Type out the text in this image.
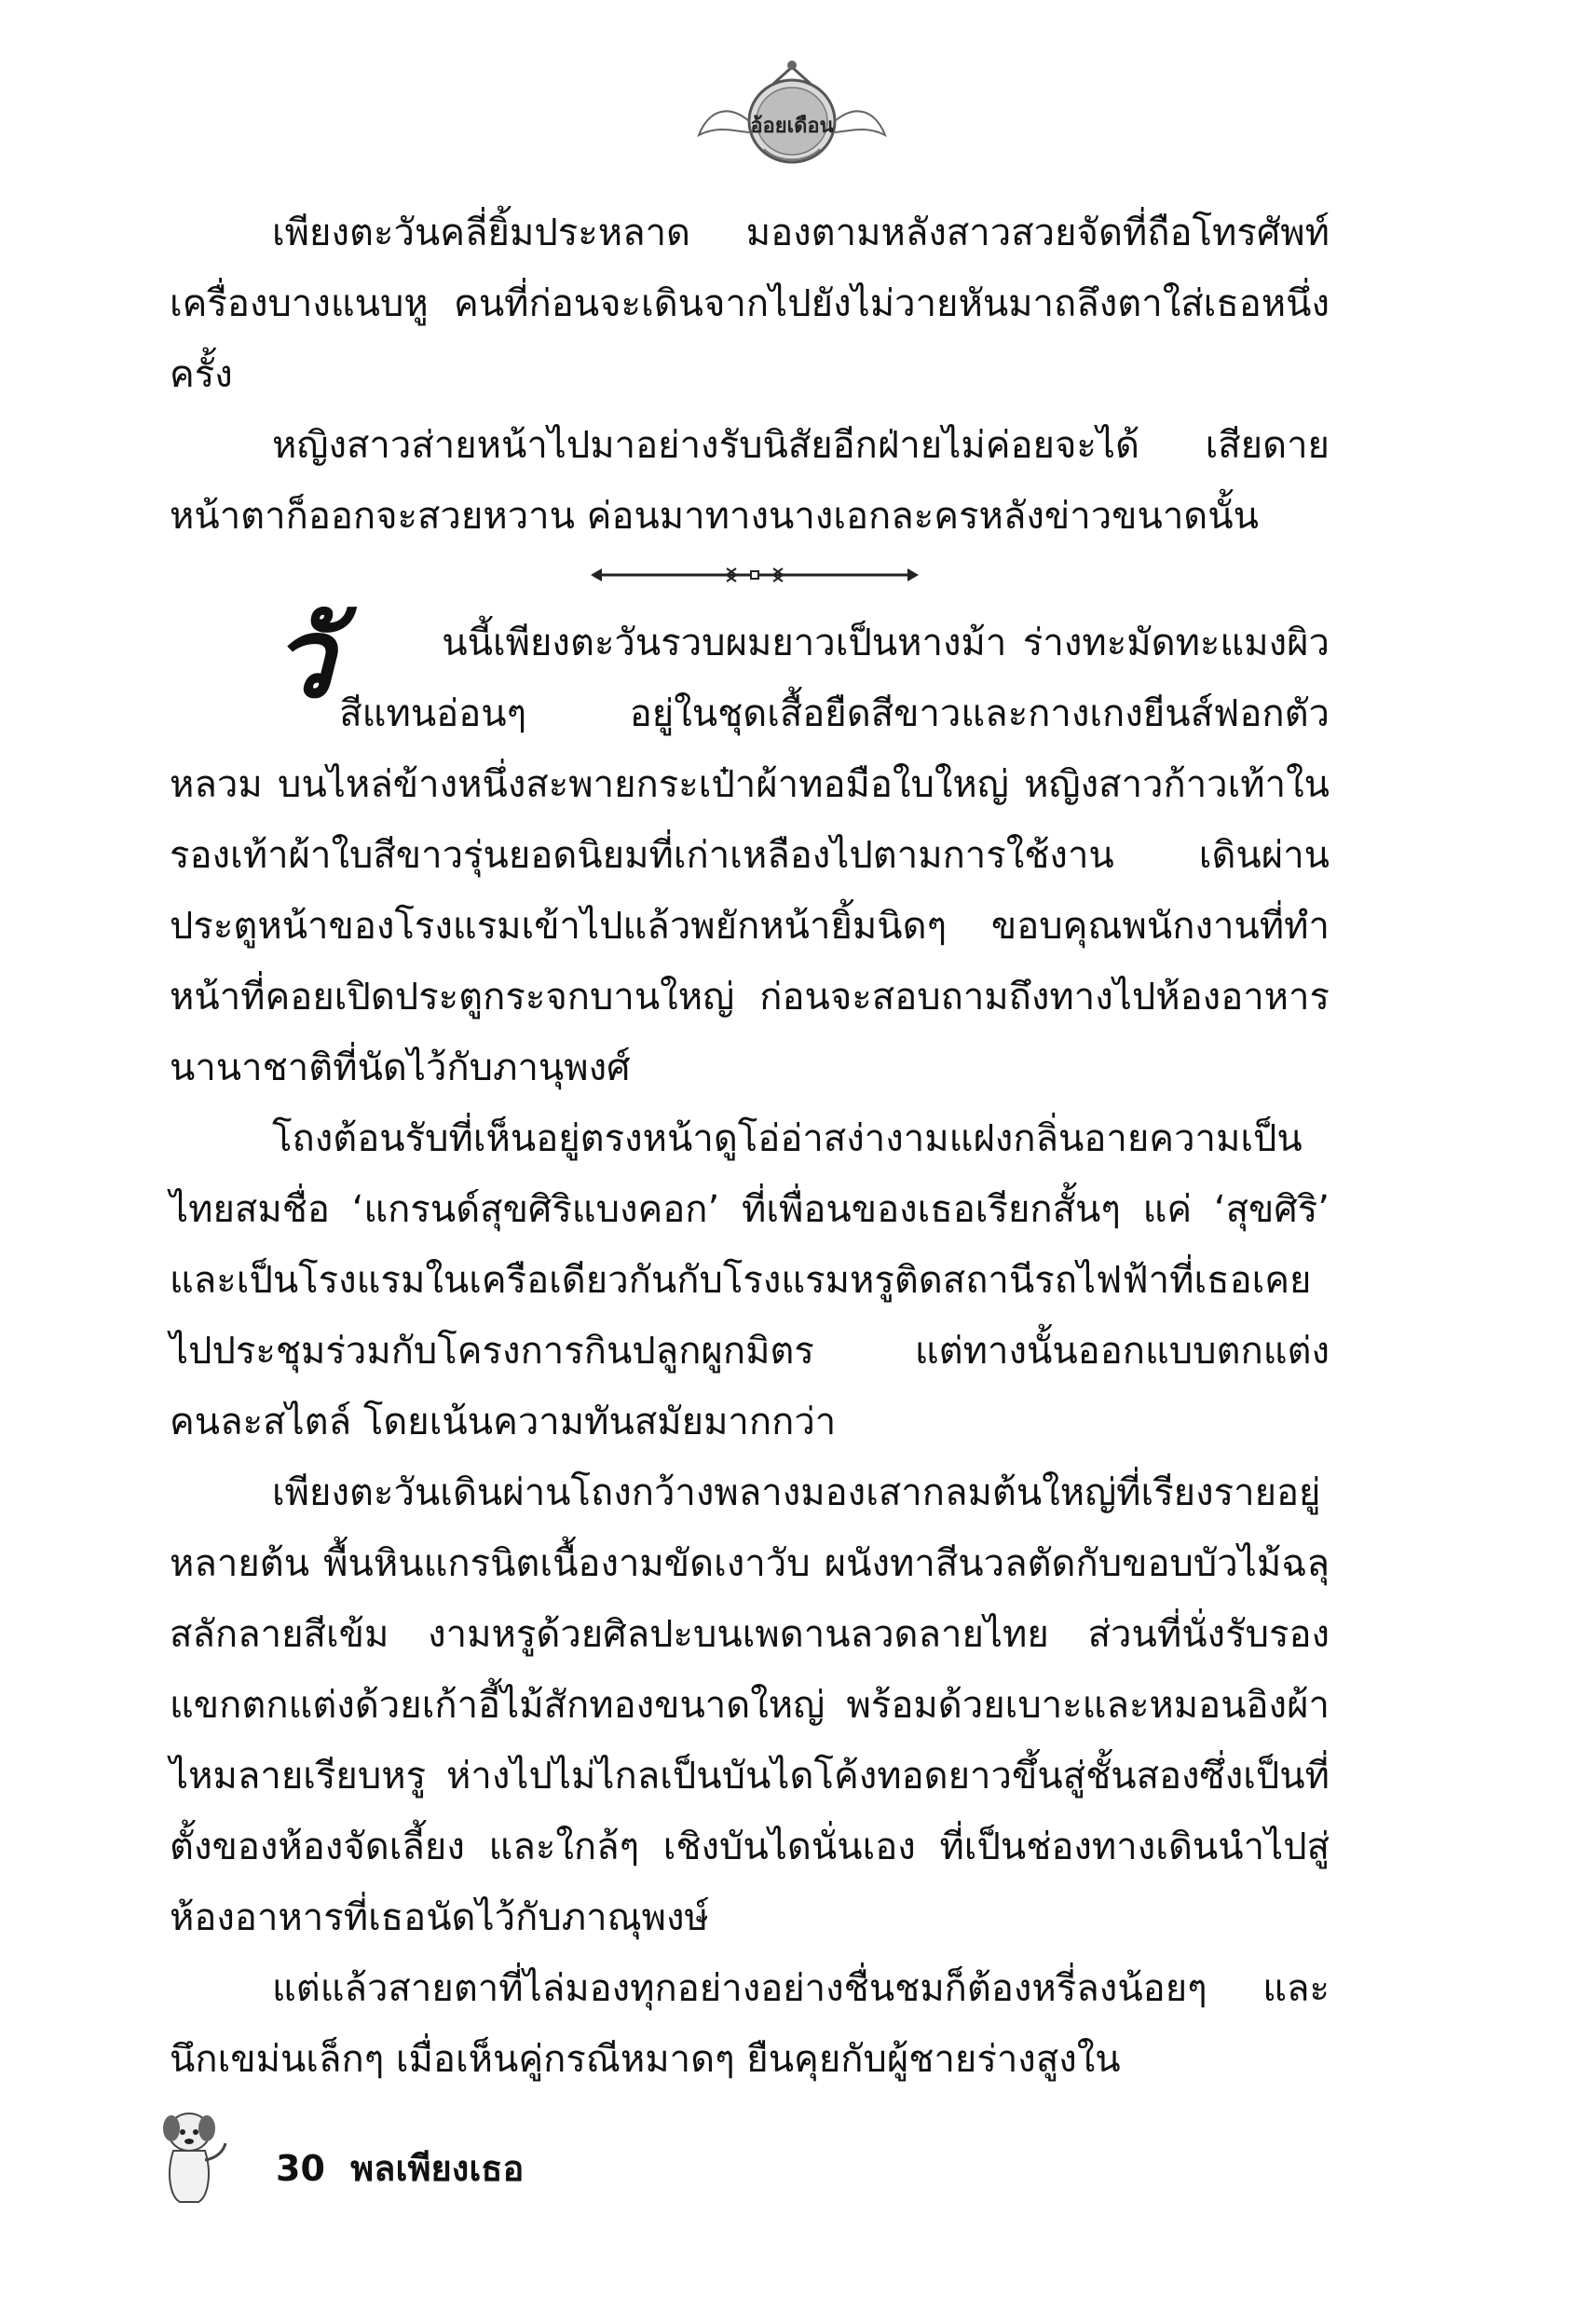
อ้อยเดือน

เพียงตะวันคลี่ยิ้มประหลาด มองตามหลังสาวสวยจัดที่ถือโทรศัพท์เครื่องบางแนบหู คนที่ก่อนจะเดินจากไปยังไม่วายหันมาถลึงตาใส่เธอหนึ่งครั้ง

หญิงสาวส่ายหน้าไปมาอย่างรับนิสัยอีกฝ่ายไม่ค่อยจะได้ เสียดายหน้าตาก็ออกจะสวยหวาน ค่อนมาทางนางเอกละครหลังข่าวขนาดนั้น

วั	นนี้เพียงตะวันรวบผมยาวเป็นหางม้า ร่างทะมัดทะแมงผิวสีแทนอ่อนๆ อยู่ในชุดเสื้อยืดสีขาวและกางเกงยีนส์ฟอกตัวหลวม บนไหล่ข้างหนึ่งสะพายกระเป๋าผ้าทอมือใบใหญ่ หญิงสาวก้าวเท้าในรองเท้าผ้าใบสีขาวรุ่นยอดนิยมที่เก่าเหลืองไปตามการใช้งาน เดินผ่านประตูหน้าของโรงแรมเข้าไปแล้วพยักหน้ายิ้มนิดๆ ขอบคุณพนักงานที่ทำหน้าที่คอยเปิดประตูกระจกบานใหญ่ ก่อนจะสอบถามถึงทางไปห้องอาหารนานาชาติที่นัดไว้กับภานุพงศ์

โถงต้อนรับที่เห็นอยู่ตรงหน้าดูโอ่อ่าสง่างามแฝงกลิ่นอายความเป็นไทยสมชื่อ ‘แกรนด์สุขศิริแบงคอก’ ที่เพื่อนของเธอเรียกสั้นๆ แค่ ‘สุขศิริ’ และเป็นโรงแรมในเครือเดียวกันกับโรงแรมหรูติดสถานีรถไฟฟ้าที่เธอเคยไปประชุมร่วมกับโครงการกินปลูกผูกมิตร แต่ทางนั้นออกแบบตกแต่งคนละสไตล์ โดยเน้นความทันสมัยมากกว่า

เพียงตะวันเดินผ่านโถงกว้างพลางมองเสากลมต้นใหญ่ที่เรียงรายอยู่หลายต้น พื้นหินแกรนิตเนื้องามขัดเงาวับ ผนังทาสีนวลตัดกับขอบบัวไม้ฉลุสลักลายสีเข้ม งามหรูด้วยศิลปะบนเพดานลวดลายไทย ส่วนที่นั่งรับรองแขกตกแต่งด้วยเก้าอี้ไม้สักทองขนาดใหญ่ พร้อมด้วยเบาะและหมอนอิงผ้าไหมลายเรียบหรู ห่างไปไม่ไกลเป็นบันไดโค้งทอดยาวขึ้นสู่ชั้นสองซึ่งเป็นที่ตั้งของห้องจัดเลี้ยง และใกล้ๆ เชิงบันไดนั่นเอง ที่เป็นช่องทางเดินนำไปสู่ห้องอาหารที่เธอนัดไว้กับภาณุพงษ์

แต่แล้วสายตาที่ไล่มองทุกอย่างอย่างชื่นชมก็ต้องหรี่ลงน้อยๆ และนึกเขม่นเล็กๆ เมื่อเห็นคู่กรณีหมาดๆ ยืนคุยกับผู้ชายร่างสูงใน

30 พลเพียงเธอ
